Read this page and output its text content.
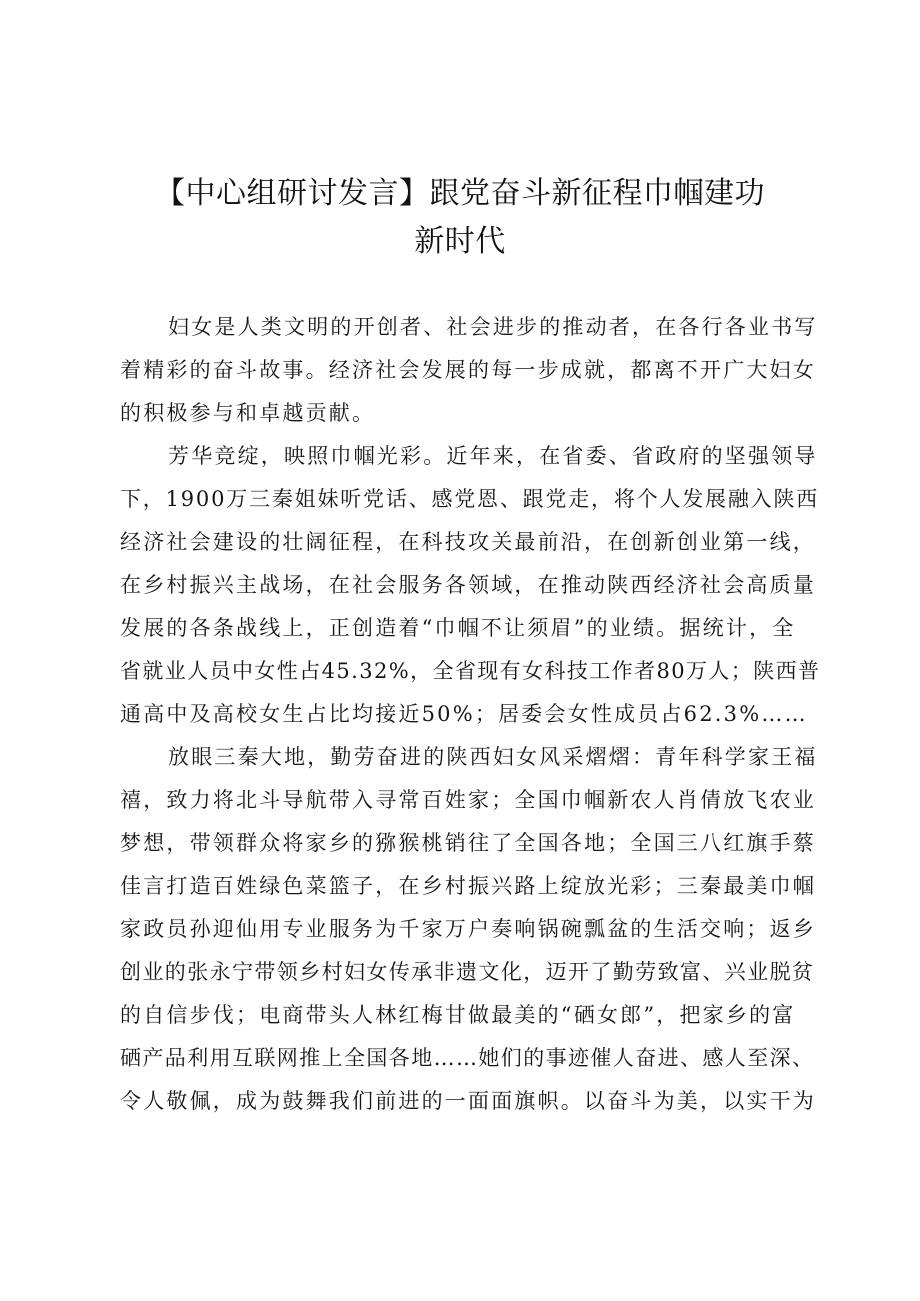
【中心组研讨发言】跟党奋斗新征程巾帼建功
新时代
妇女是人类文明的开创者、社会进步的推动者，在各行各业书写
着精彩的奋斗故事。经济社会发展的每一步成就，都离不开广大妇女
的积极参与和卓越贡献。
芳华竞绽，映照巾帼光彩。近年来，在省委、省政府的坚强领导
下，1900万三秦姐妹听党话、感党恩、跟党走，将个人发展融入陕西
经济社会建设的壮阔征程，在科技攻关最前沿，在创新创业第一线，
在乡村振兴主战场，在社会服务各领域，在推动陕西经济社会高质量
发展的各条战线上，正创造着“巾帼不让须眉”的业绩。据统计，全
省就业人员中女性占45.32%，全省现有女科技工作者80万人；陕西普
通高中及高校女生占比均接近50%；居委会女性成员占62.3%……
放眼三秦大地，勤劳奋进的陕西妇女风采熠熠：青年科学家王福
禧，致力将北斗导航带入寻常百姓家；全国巾帼新农人肖倩放飞农业
梦想，带领群众将家乡的猕猴桃销往了全国各地；全国三八红旗手蔡
佳言打造百姓绿色菜篮子，在乡村振兴路上绽放光彩；三秦最美巾帼
家政员孙迎仙用专业服务为千家万户奏响锅碗瓢盆的生活交响；返乡
创业的张永宁带领乡村妇女传承非遗文化，迈开了勤劳致富、兴业脱贫
的自信步伐；电商带头人林红梅甘做最美的“硒女郎”，把家乡的富
硒产品利用互联网推上全国各地……她们的事迹催人奋进、感人至深、
令人敬佩，成为鼓舞我们前进的一面面旗帜。以奋斗为美，以实干为
